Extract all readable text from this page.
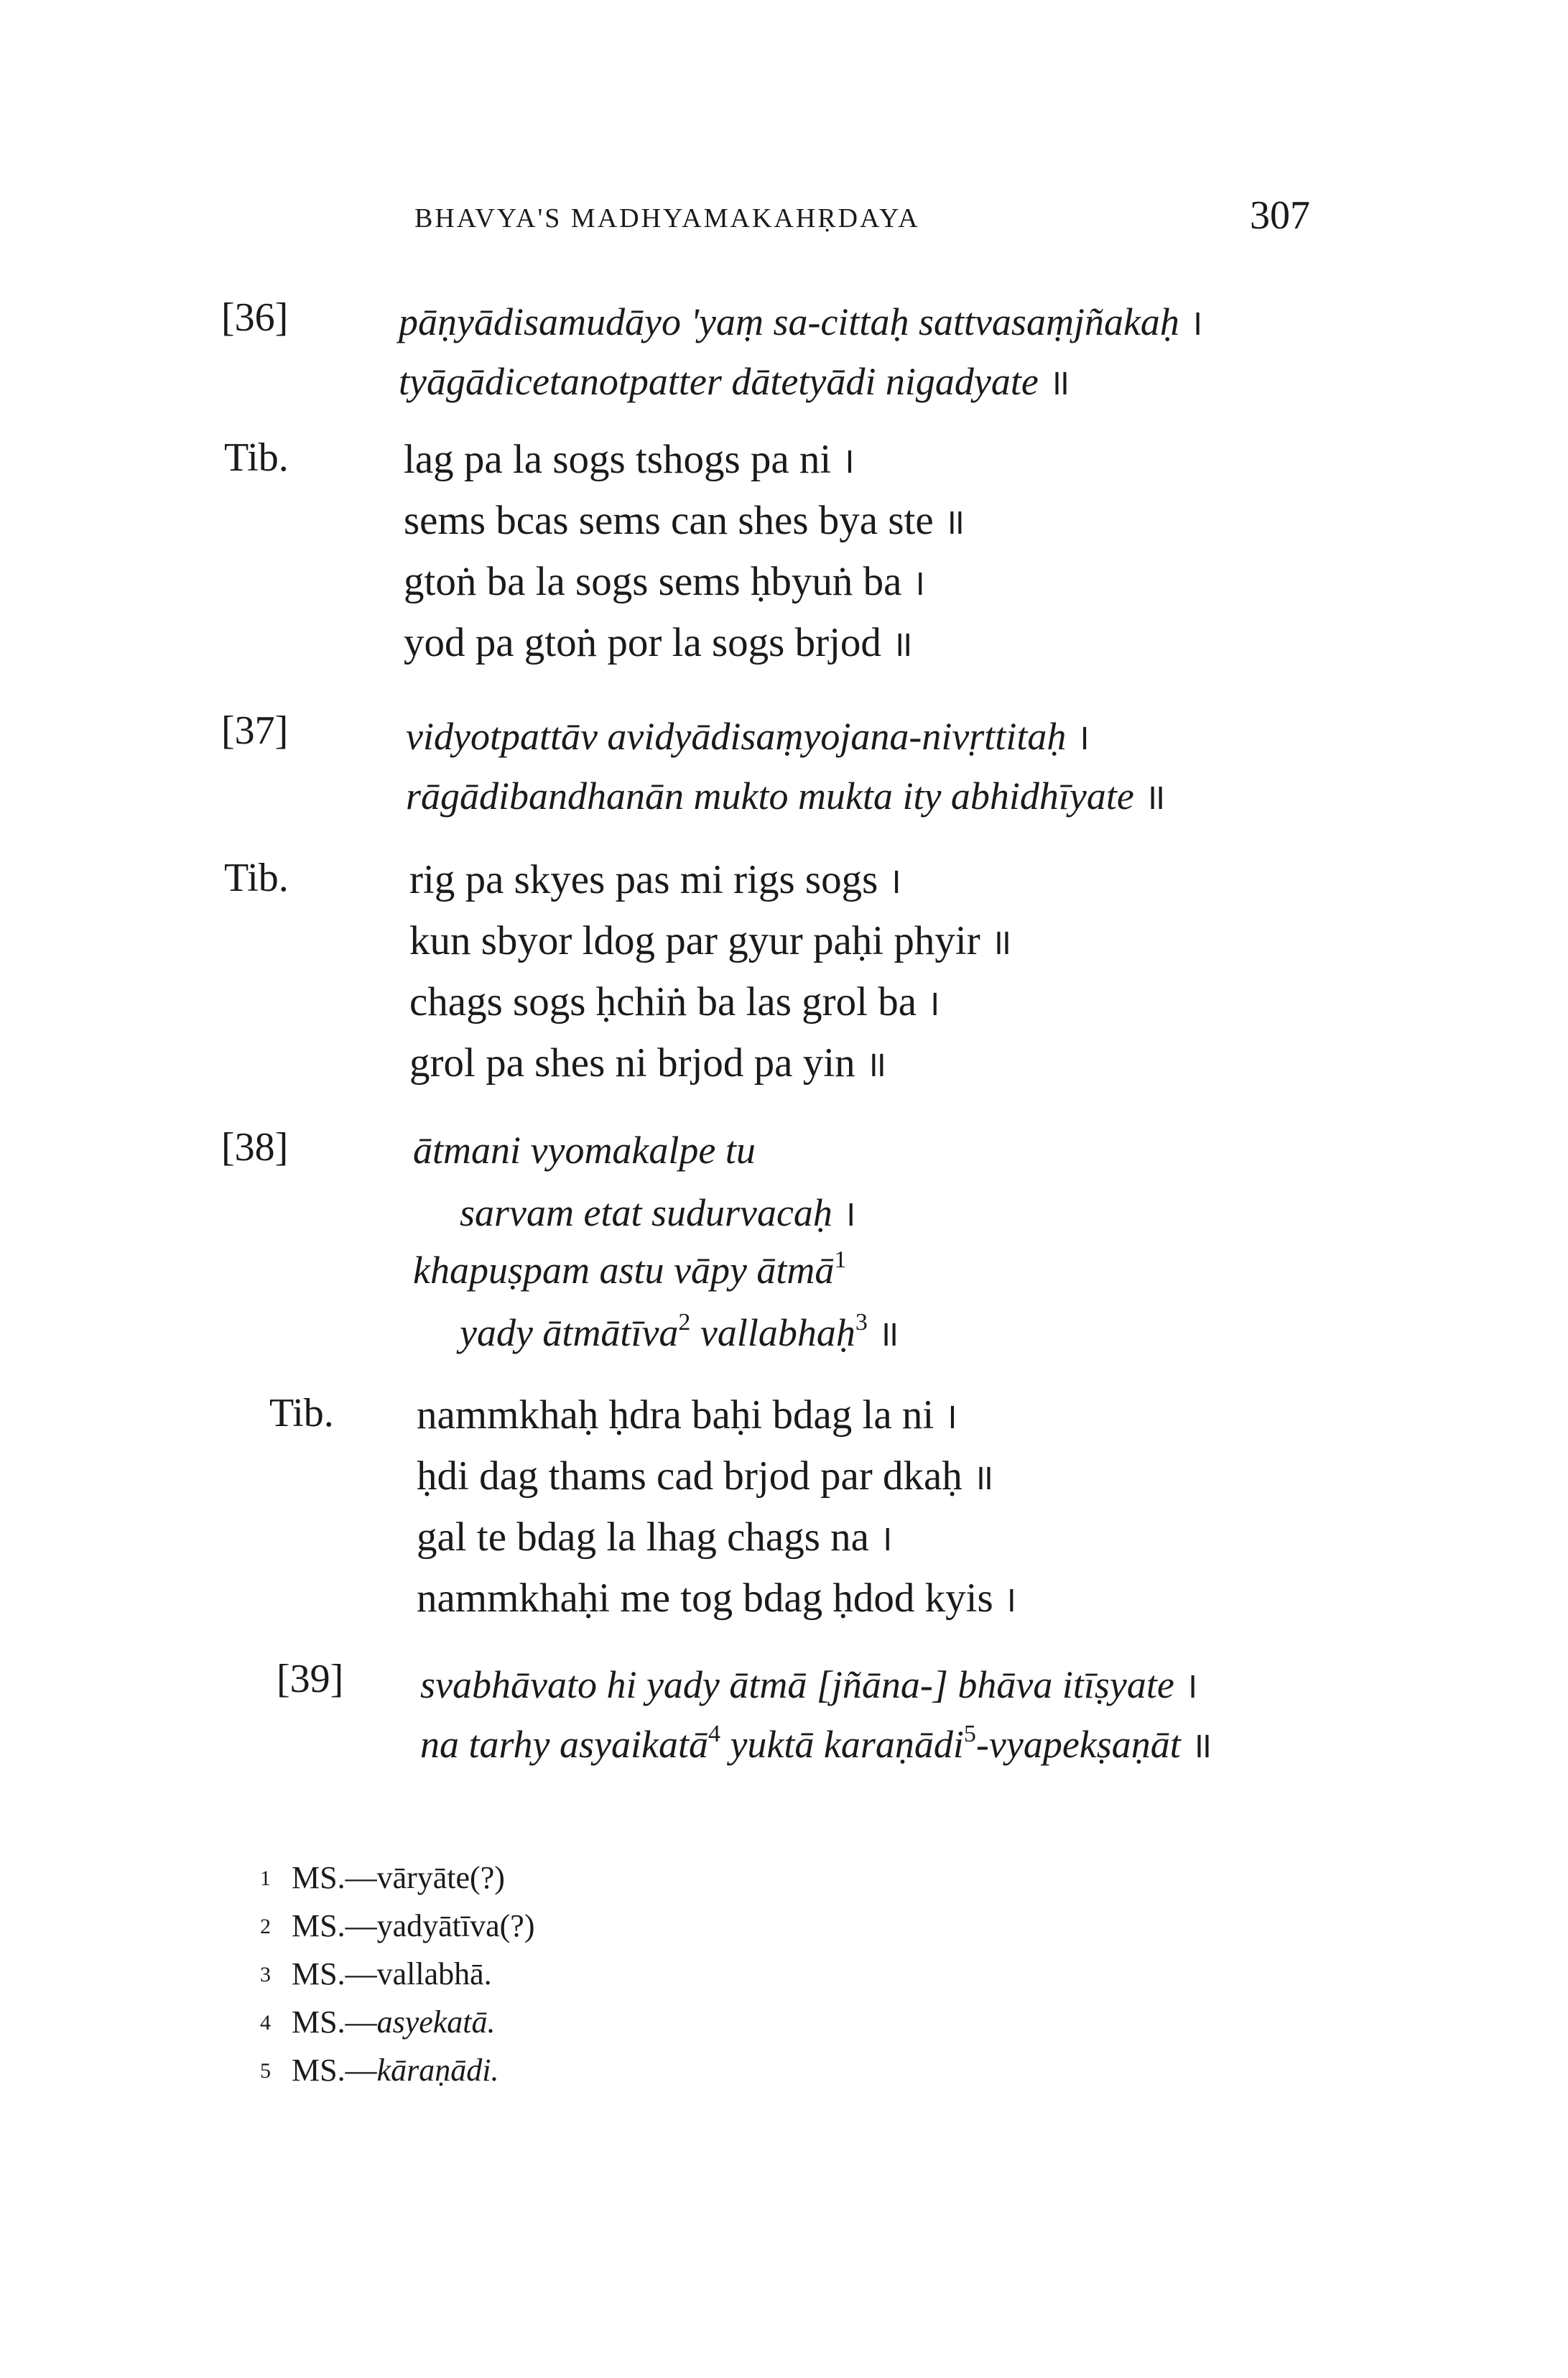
BHAVYA'S MADHYAMAKAHṚDAYA	307
[36]	pāṇyādisamudāyo 'yaṃ sa-cittaḥ sattvasaṃjñakaḥ ।
tyāgādicetanotpatter dātetyādi nigadyate ॥
Tib.	lag pa la sogs tshogs pa ni ।
sems bcas sems can shes bya ste ॥
gtoṅ ba la sogs sems ḥbyuṅ ba ।
yod pa gtoṅ por la sogs brjod ॥
[37]	vidyotpattāv avidyādisaṃyojana-nivṛttitaḥ ।
rāgādibandhanān mukto mukta ity abhidhīyate ॥
Tib.	rig pa skyes pas mi rigs sogs ।
kun sbyor ldog par gyur paḥi phyir ॥
chags sogs ḥchiṅ ba las grol ba ।
grol pa shes ni brjod pa yin ॥
[38]	ātmani vyomakalpe tu
sarvam etat sudurvacaḥ ।
khapuṣpam astu vāpy ātmā$^1$
yady ātmātīva$^2$ vallabhaḥ$^3$ ॥
Tib. nammkhaḥ ḥdra baḥi bdag la ni ।
ḥdi dag thams cad brjod par dkaḥ ॥
gal te bdag la lhag chags na ।
nammkhaḥi me tog bdag ḥdod kyis ।
[39] svabhāvato hi yady ātmā [jñāna-] bhāva itīṣyate ।
na tarhy asyaikatā$^4$ yuktā karaṇādi$^5$-vyapekṣaṇāt ॥
1 MS.—vāryāte(?)
2 MS.—yadyātīva(?)
3 MS.—vallabhā.
4 MS.—asyekatā.
5 MS.—kāraṇādi.
